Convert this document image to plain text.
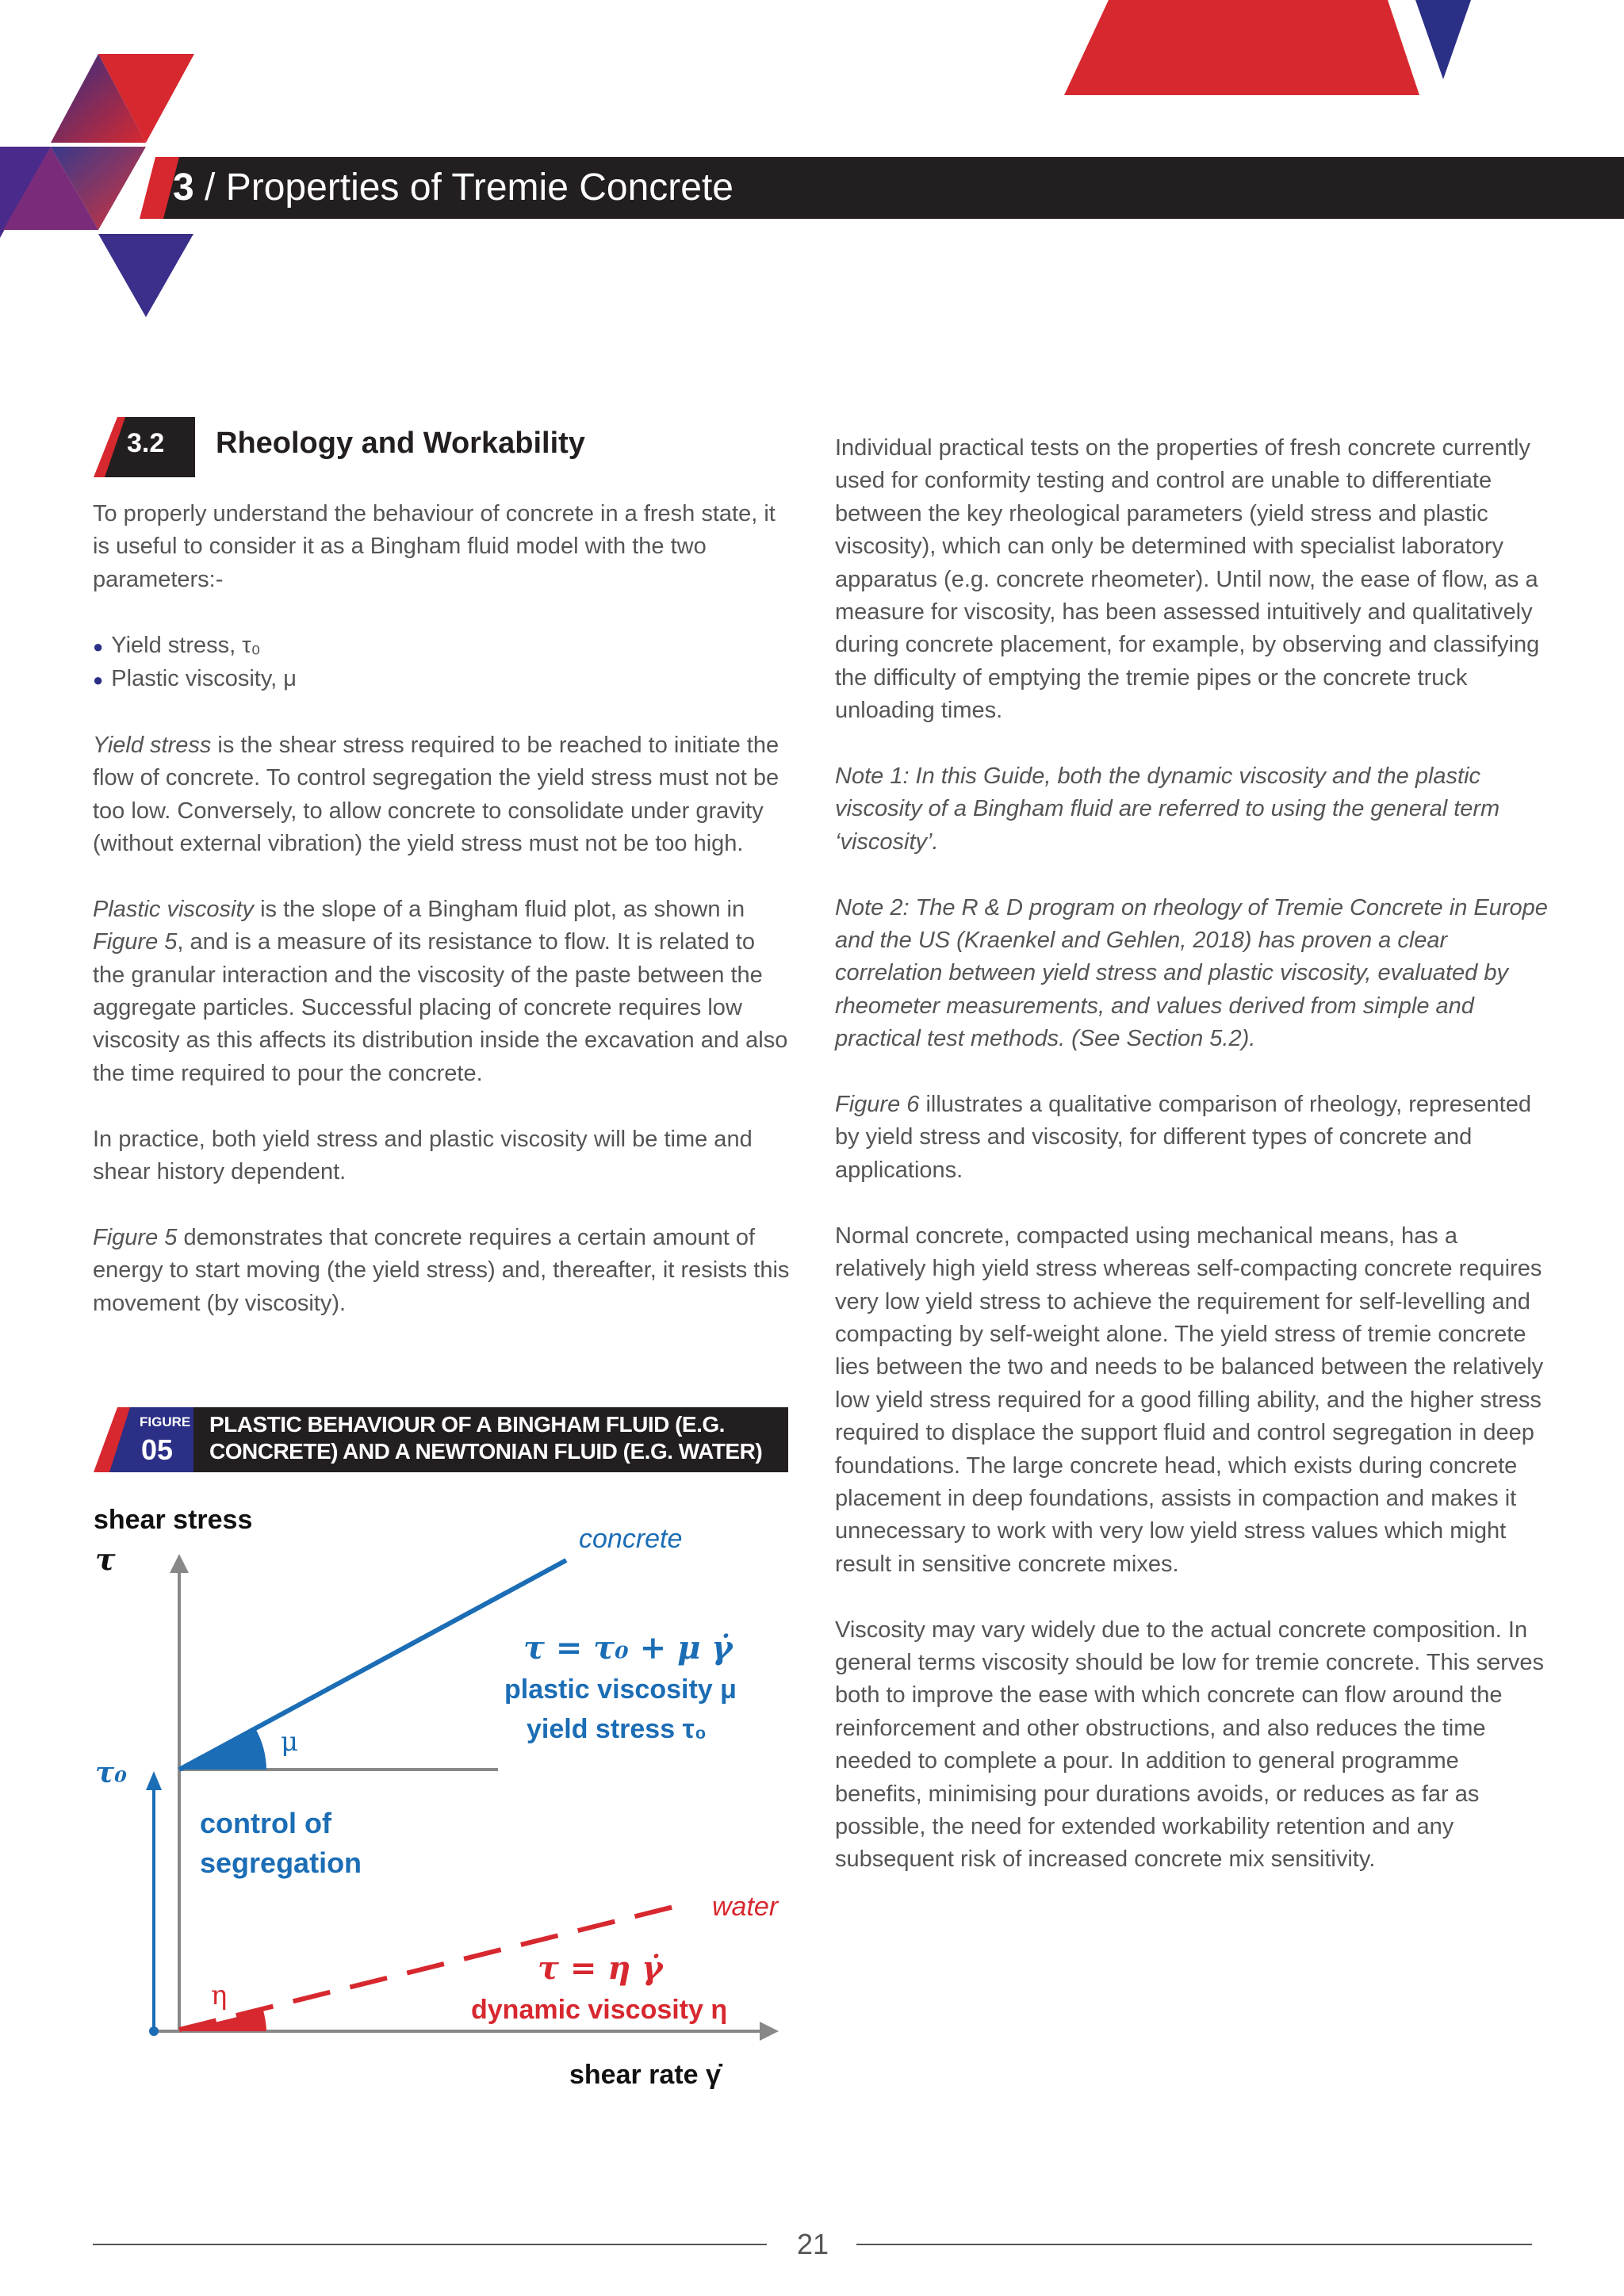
3 / Properties of Tremie Concrete
3.2 Rheology and Workability

To properly understand the behaviour of concrete in a fresh state, it is useful to consider it as a Bingham fluid model with the two parameters:-

● Yield stress, τ₀
● Plastic viscosity, μ

Yield stress is the shear stress required to be reached to initiate the flow of concrete. To control segregation the yield stress must not be too low. Conversely, to allow concrete to consolidate under gravity (without external vibration) the yield stress must not be too high.

Plastic viscosity is the slope of a Bingham fluid plot, as shown in Figure 5, and is a measure of its resistance to flow. It is related to the granular interaction and the viscosity of the paste between the aggregate particles. Successful placing of concrete requires low viscosity as this affects its distribution inside the excavation and also the time required to pour the concrete.

In practice, both yield stress and plastic viscosity will be time and shear history dependent.

Figure 5 demonstrates that concrete requires a certain amount of energy to start moving (the yield stress) and, thereafter, it resists this movement (by viscosity).

FIGURE
05
PLASTIC BEHAVIOUR OF A BINGHAM FLUID (E.G. CONCRETE) AND A NEWTONIAN FLUID (E.G. WATER)
shear stress
τ
shear rate γ̇
τ₀
concrete
τ = τ₀ + μ γ̇
plastic viscosity μ
yield stress τ₀
μ
control of
segregation
water
τ = η γ̇
dynamic viscosity η
η

Individual practical tests on the properties of fresh concrete currently used for conformity testing and control are unable to differentiate between the key rheological parameters (yield stress and plastic viscosity), which can only be determined with specialist laboratory apparatus (e.g. concrete rheometer). Until now, the ease of flow, as a measure for viscosity, has been assessed intuitively and qualitatively during concrete placement, for example, by observing and classifying the difficulty of emptying the tremie pipes or the concrete truck unloading times.

Note 1: In this Guide, both the dynamic viscosity and the plastic viscosity of a Bingham fluid are referred to using the general term ‘viscosity’.

Note 2: The R & D program on rheology of Tremie Concrete in Europe and the US (Kraenkel and Gehlen, 2018) has proven a clear correlation between yield stress and plastic viscosity, evaluated by rheometer measurements, and values derived from simple and practical test methods. (See Section 5.2).

Figure 6 illustrates a qualitative comparison of rheology, represented by yield stress and viscosity, for different types of concrete and applications.

Normal concrete, compacted using mechanical means, has a relatively high yield stress whereas self-compacting concrete requires very low yield stress to achieve the requirement for self-levelling and compacting by self-weight alone. The yield stress of tremie concrete lies between the two and needs to be balanced between the relatively low yield stress required for a good filling ability, and the higher stress required to displace the support fluid and control segregation in deep foundations. The large concrete head, which exists during concrete placement in deep foundations, assists in compaction and makes it unnecessary to work with very low yield stress values which might result in sensitive concrete mixes.

Viscosity may vary widely due to the actual concrete composition. In general terms viscosity should be low for tremie concrete. This serves both to improve the ease with which concrete can flow around the reinforcement and other obstructions, and also reduces the time needed to complete a pour. In addition to general programme benefits, minimising pour durations avoids, or reduces as far as possible, the need for extended workability retention and any subsequent risk of increased concrete mix sensitivity.

21
